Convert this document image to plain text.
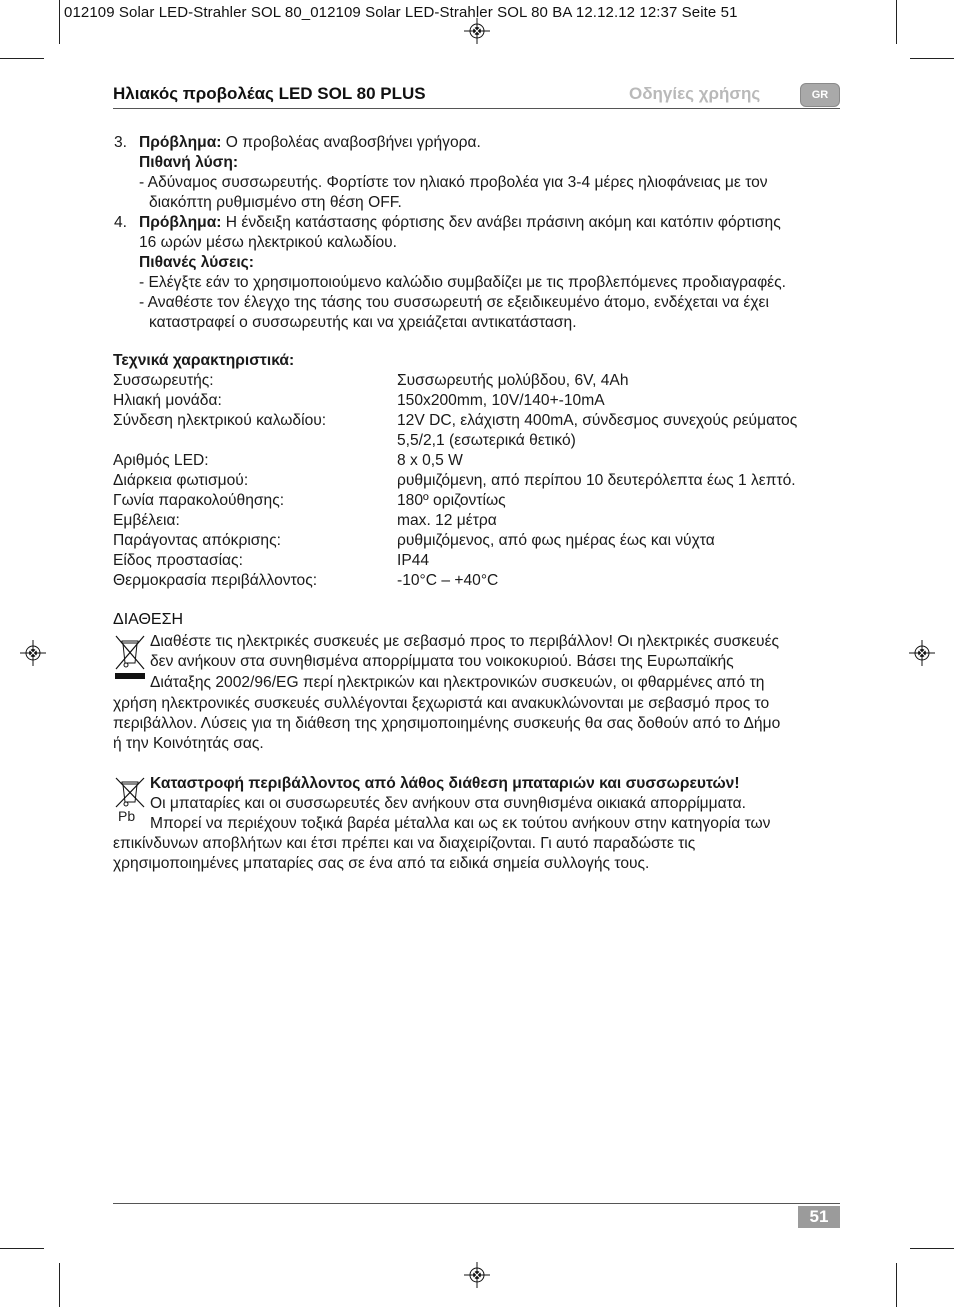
012109 Solar LED-Strahler SOL 80_012109 Solar LED-Strahler SOL 80 BA 12.12.12 12:37 Seite 51
Ηλιακός προβολέας LED SOL 80 PLUS	Οδηγίες χρήσης	GR
3. Πρόβλημα: Ο προβολέας αναβοσβήνει γρήγορα.
Πιθανή λύση:
- Αδύναμος συσσωρευτής. Φορτίστε τον ηλιακό προβολέα για 3-4 μέρες ηλιοφάνειας με τον
διακόπτη ρυθμισμένο στη θέση OFF.
4. Πρόβλημα: Η ένδειξη κατάστασης φόρτισης δεν ανάβει πράσινη ακόμη και κατόπιν φόρτισης
16 ωρών μέσω ηλεκτρικού καλωδίου.
Πιθανές λύσεις:
- Ελέγξτε εάν το χρησιμοποιούμενο καλώδιο συμβαδίζει με τις προβλεπόμενες προδιαγραφές.
- Αναθέστε τον έλεγχο της τάσης του συσσωρευτή σε εξειδικευμένο άτομο, ενδέχεται να έχει
καταστραφεί ο συσσωρευτής και να χρειάζεται αντικατάσταση.
Τεχνικά χαρακτηριστικά:
Συσσωρευτής:	Συσσωρευτής μολύβδου, 6V, 4Ah
Ηλιακή μονάδα:	150x200mm, 10V/140+-10mA
Σύνδεση ηλεκτρικού καλωδίου:	12V DC, ελάχιστη 400mA, σύνδεσμος συνεχούς ρεύματος
5,5/2,1 (εσωτερικά θετικό)
Αριθμός LED:	8 x 0,5 W
Διάρκεια φωτισμού:	ρυθμιζόμενη, από περίπου 10 δευτερόλεπτα έως 1 λεπτό.
Γωνία παρακολούθησης:	180º οριζοντίως
Εμβέλεια:	max. 12 μέτρα
Παράγοντας απόκρισης:	ρυθμιζόμενος, από φως ημέρας έως και νύχτα
Είδος προστασίας:	IP44
Θερμοκρασία περιβάλλοντος:	-10°C – +40°C
ΔΙΑΘΕΣΗ
Διαθέστε τις ηλεκτρικές συσκευές με σεβασμό προς το περιβάλλον! Οι ηλεκτρικές συσκευές
δεν ανήκουν στα συνηθισμένα απορρίμματα του νοικοκυριού. Βάσει της Ευρωπαϊκής
Διάταξης 2002/96/EG περί ηλεκτρικών και ηλεκτρονικών συσκευών, οι φθαρμένες από τη
χρήση ηλεκτρονικές συσκευές συλλέγονται ξεχωριστά και ανακυκλώνονται με σεβασμό προς το
περιβάλλον. Λύσεις για τη διάθεση της χρησιμοποιημένης συσκευής θα σας δοθούν από το Δήμο
ή την Κοινότητάς σας.
Pb
Καταστροφή περιβάλλοντος από λάθος διάθεση μπαταριών και συσσωρευτών!
Οι μπαταρίες και οι συσσωρευτές δεν ανήκουν στα συνηθισμένα οικιακά απορρίμματα.
Μπορεί να περιέχουν τοξικά βαρέα μέταλλα και ως εκ τούτου ανήκουν στην κατηγορία των
επικίνδυνων αποβλήτων και έτσι πρέπει και να διαχειρίζονται. Γι αυτό παραδώστε τις
χρησιμοποιημένες μπαταρίες σας σε ένα από τα ειδικά σημεία συλλογής τους.
51
